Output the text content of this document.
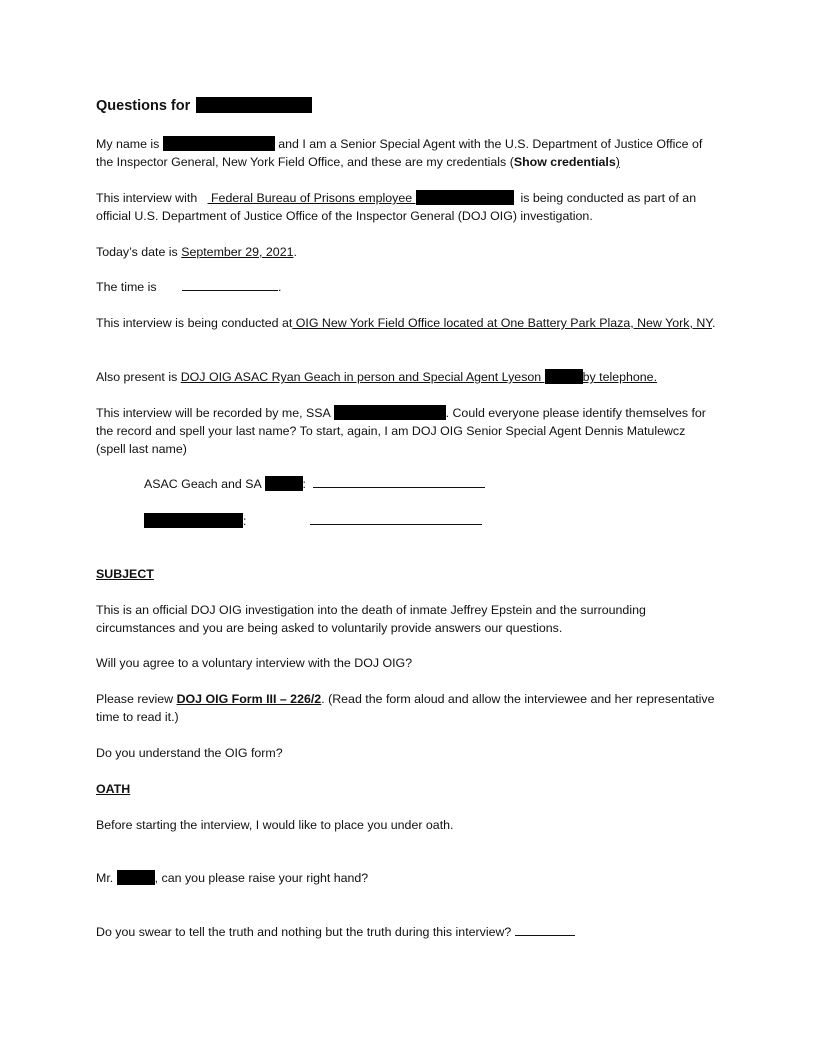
Questions for

My name is	and I am a Senior Special Agent with the U.S. Department of Justice Office of the Inspector General, New York Field Office, and these are my credentials (Show credentials)

This interview with    Federal Bureau of Prisons employee	is being conducted as part of an official U.S. Department of Justice Office of the Inspector General (DOJ OIG) investigation.

Today’s date is September 29, 2021.

The time is	.

This interview is being conducted at OIG New York Field Office located at One Battery Park Plaza, New York, NY.

Also present is DOJ OIG ASAC Ryan Geach in person and Special Agent Lyeson	by telephone.

This interview will be recorded by me, SSA	. Could everyone please identify themselves for the record and spell your last name? To start, again, I am DOJ OIG Senior Special Agent Dennis Matulewcz (spell last name)

ASAC Geach and SA	:

:

SUBJECT

This is an official DOJ OIG investigation into the death of inmate Jeffrey Epstein and the surrounding circumstances and you are being asked to voluntarily provide answers our questions.

Will you agree to a voluntary interview with the DOJ OIG?

Please review DOJ OIG Form III – 226/2. (Read the form aloud and allow the interviewee and her representative time to read it.)

Do you understand the OIG form?

OATH

Before starting the interview, I would like to place you under oath.

Mr.	, can you please raise your right hand?

Do you swear to tell the truth and nothing but the truth during this interview?
